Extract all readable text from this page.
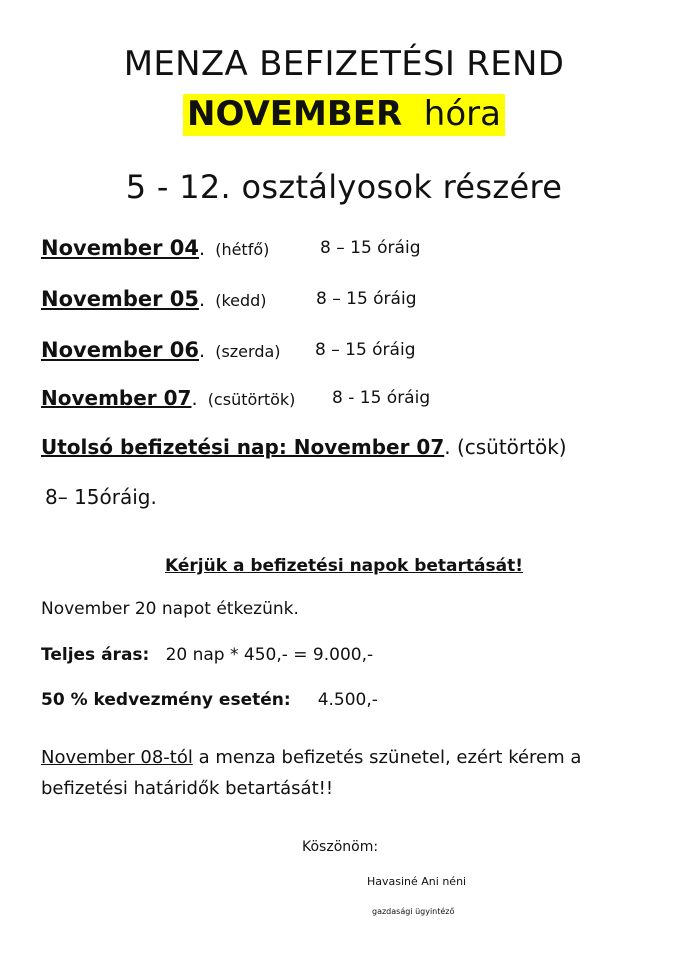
MENZA BEFIZETÉSI REND
NOVEMBER hóra
5 - 12. osztályosok részére
November 04. (hétfő)	8 – 15 óráig
November 05. (kedd)	8 – 15 óráig
November 06. (szerda) 8 – 15 óráig
November 07. (csütörtök) 8 - 15 óráig
Utolsó befizetési nap: November 07. (csütörtök)
8– 15óráig.
Kérjük a befizetési napok betartását!
November 20 napot étkezünk.
Teljes áras: 20 nap * 450,- = 9.000,-
50 % kedvezmény esetén: 4.500,-
November 08-tól a menza befizetés szünetel, ezért kérem a
befizetési határidők betartását!!
Köszönöm:
Havasiné Ani néni
gazdasági ügyintéző
